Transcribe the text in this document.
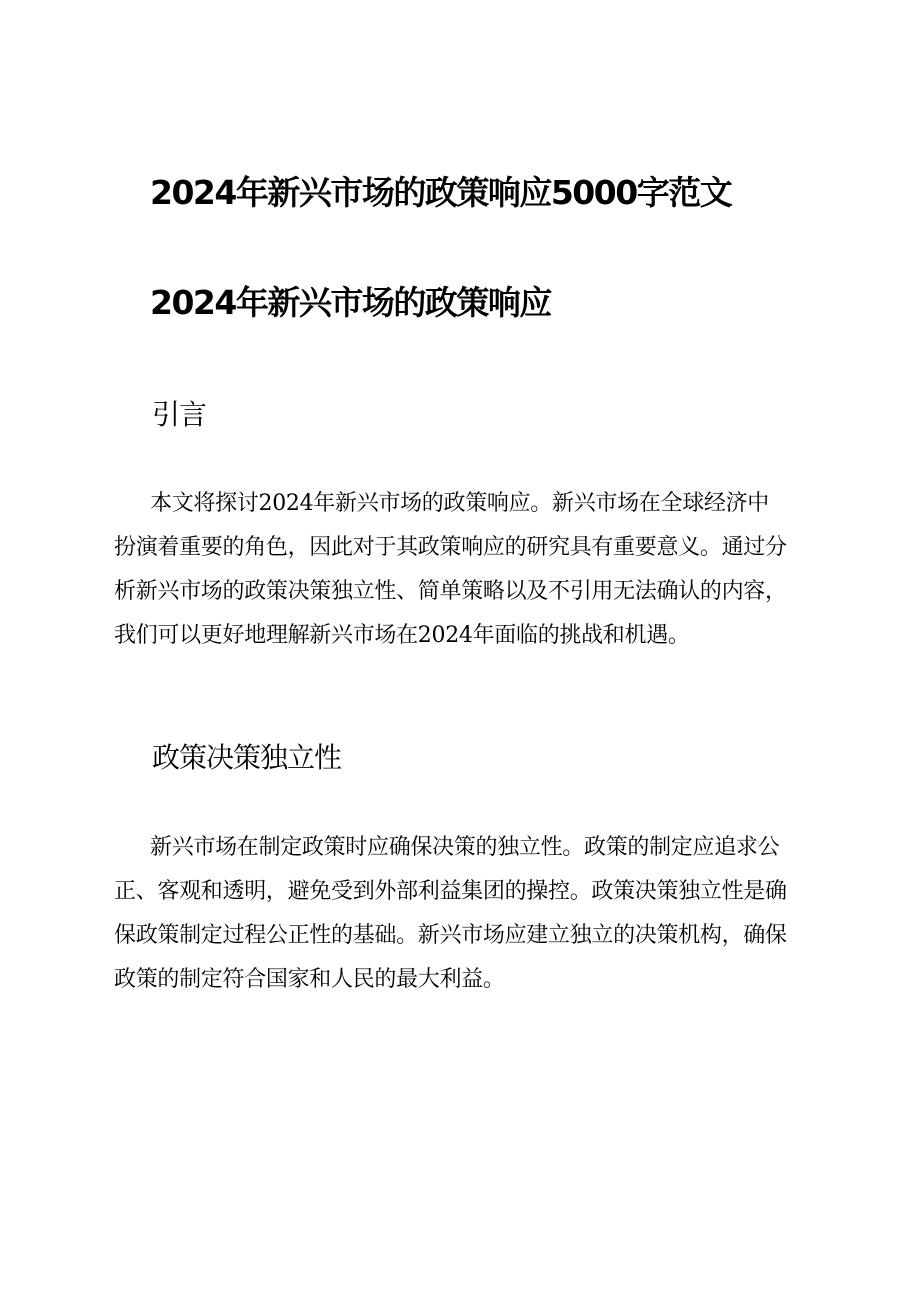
2024年新兴市场的政策响应5000字范文
2024年新兴市场的政策响应
引言

本文将探讨2024年新兴市场的政策响应。新兴市场在全球经济中
扮演着重要的角色，因此对于其政策响应的研究具有重要意义。通过分
析新兴市场的政策决策独立性、简单策略以及不引用无法确认的内容，
我们可以更好地理解新兴市场在2024年面临的挑战和机遇。

政策决策独立性

新兴市场在制定政策时应确保决策的独立性。政策的制定应追求公
正、客观和透明，避免受到外部利益集团的操控。政策决策独立性是确
保政策制定过程公正性的基础。新兴市场应建立独立的决策机构，确保
政策的制定符合国家和人民的最大利益。
